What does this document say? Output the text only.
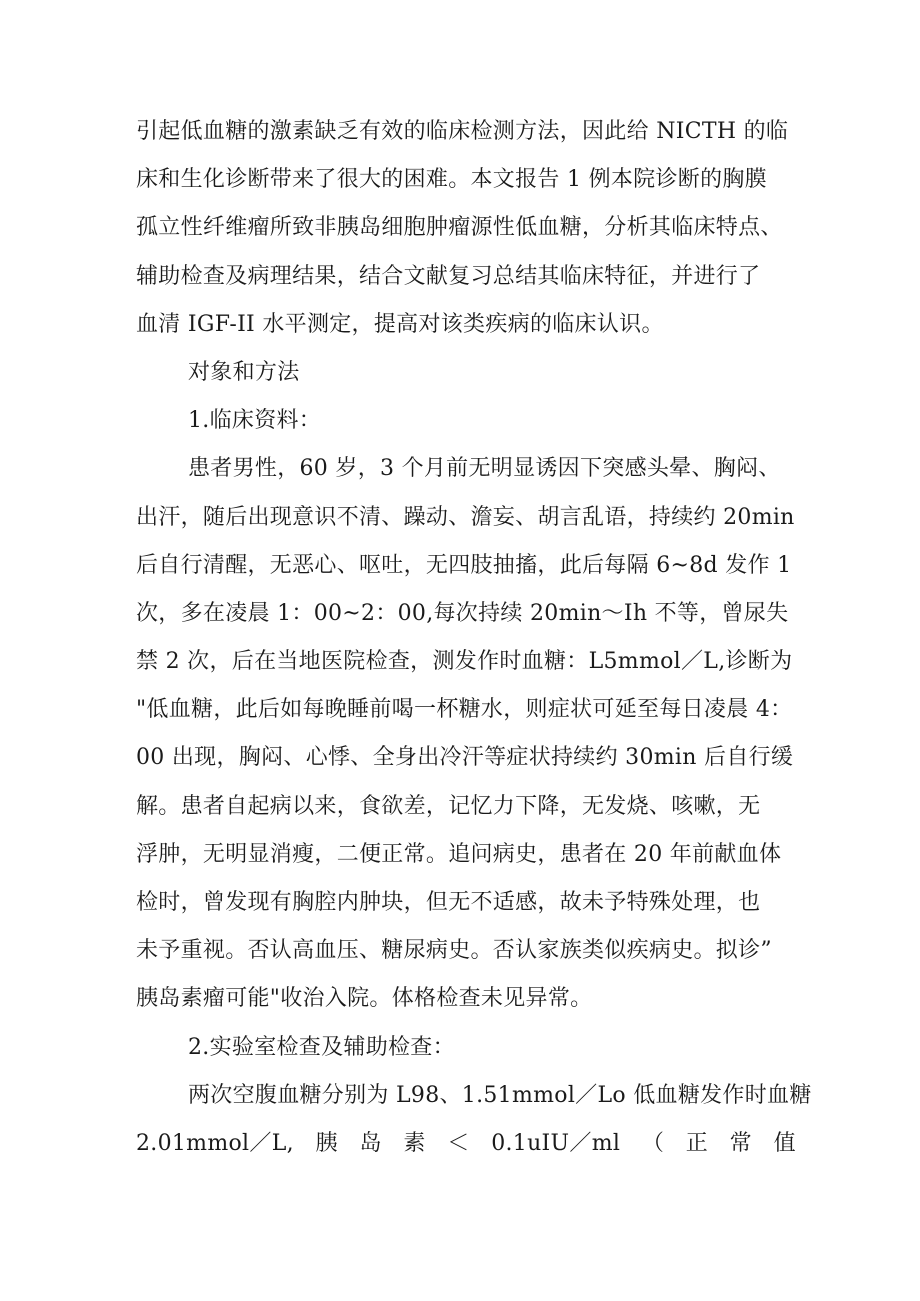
引起低血糖的激素缺乏有效的临床检测方法，因此给 NICTH 的临
床和生化诊断带来了很大的困难。本文报告 1 例本院诊断的胸膜
孤立性纤维瘤所致非胰岛细胞肿瘤源性低血糖，分析其临床特点、
辅助检查及病理结果，结合文献复习总结其临床特征，并进行了
血清 IGF-II 水平测定，提高对该类疾病的临床认识。
对象和方法
1.临床资料：
患者男性，60 岁，3 个月前无明显诱因下突感头晕、胸闷、
出汗，随后出现意识不清、躁动、澹妄、胡言乱语，持续约 20min
后自行清醒，无恶心、呕吐，无四肢抽搐，此后每隔 6~8d 发作 1
次，多在凌晨 1：00~2：00,每次持续 20min～Ih 不等，曾尿失
禁 2 次，后在当地医院检查，测发作时血糖：L5mmol／L,诊断为
"低血糖，此后如每晚睡前喝一杯糖水，则症状可延至每日凌晨 4：
00 出现，胸闷、心悸、全身出冷汗等症状持续约 30min 后自行缓
解。患者自起病以来，食欲差，记忆力下降，无发烧、咳嗽，无
浮肿，无明显消瘦，二便正常。追问病史，患者在 20 年前献血体
检时，曾发现有胸腔内肿块，但无不适感，故未予特殊处理，也
未予重视。否认高血压、糖尿病史。否认家族类似疾病史。拟诊”
胰岛素瘤可能"收治入院。体格检查未见异常。
2.实验室检查及辅助检查：
两次空腹血糖分别为 L98、1.51mmol／Lo 低血糖发作时血糖
2.01mmol／L, 胰 岛 素 ＜ 0.1uIU／ml （ 正 常 值
